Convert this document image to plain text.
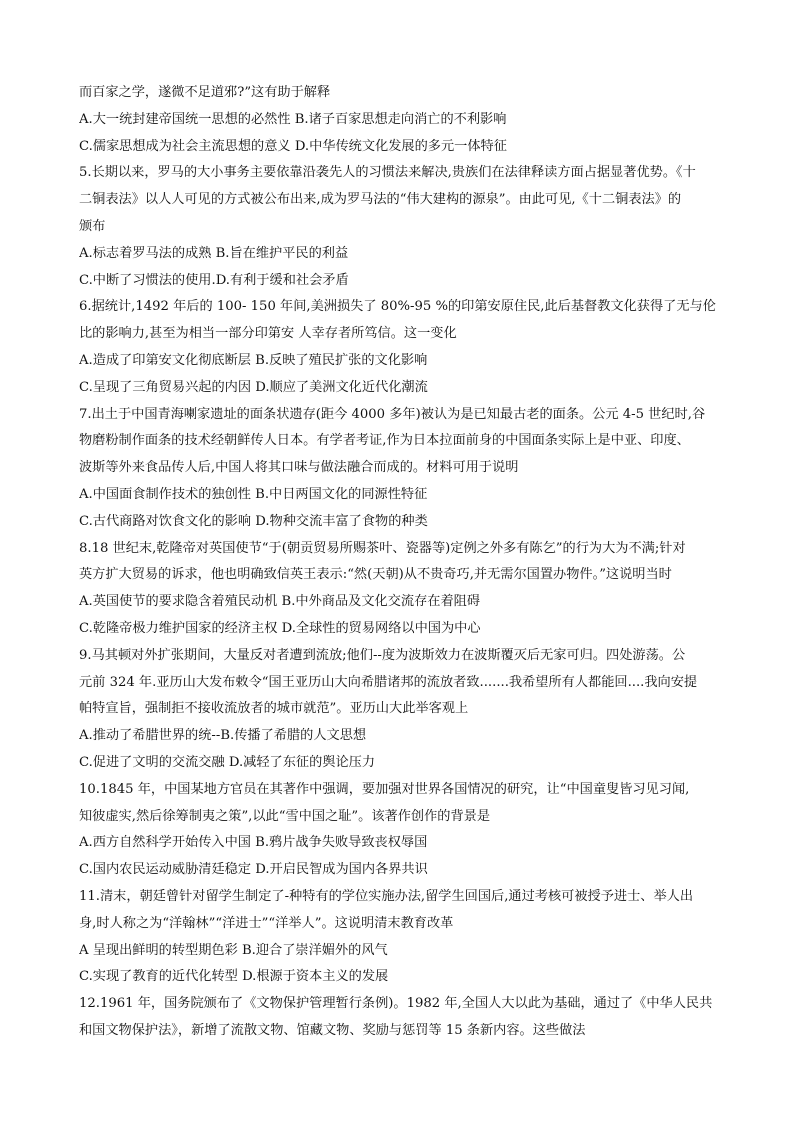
而百家之学，遂微不足道邪?”这有助于解释
A.大一统封建帝国统一思想的必然性 B.诸子百家思想走向消亡的不利影响
C.儒家思想成为社会主流思想的意义 D.中华传统文化发展的多元一体特征
5.长期以来，罗马的大小事务主要依靠沿袭先人的习惯法来解决,贵族们在法律释读方面占据显著优势。《十
二铜表法》以人人可见的方式被公布出来,成为罗马法的“伟大建构的源泉”。由此可见,《十二铜表法》的
颁布
A.标志着罗马法的成熟 B.旨在维护平民的利益
C.中断了习惯法的使用.D.有利于缓和社会矛盾
6.据统计,1492 年后的 100- 150 年间,美洲损失了 80%-95 %的印第安原住民,此后基督教文化获得了无与伦
比的影响力,甚至为相当一部分印第安 人幸存者所笃信。这一变化
A.造成了印第安文化彻底断层 B.反映了殖民扩张的文化影响
C.呈现了三角贸易兴起的内因 D.顺应了美洲文化近代化潮流
7.出土于中国青海喇家遗址的面条状遗存(距今 4000 多年)被认为是已知最古老的面条。公元 4-5 世纪时,谷
物磨粉制作面条的技术经朝鲜传人日本。有学者考证,作为日本拉面前身的中国面条实际上是中亚、印度、
波斯等外来食品传人后,中国人将其口味与做法融合而成的。材料可用于说明
A.中国面食制作技术的独创性 B.中日两国文化的同源性特征
C.古代商路对饮食文化的影响 D.物种交流丰富了食物的种类
8.18 世纪末,乾隆帝对英国使节“于(朝贡贸易所赐茶叶、瓷器等)定例之外多有陈乞”的行为大为不满;针对
英方扩大贸易的诉求，他也明确致信英王表示:“然(天朝)从不贵奇巧,并无需尔国置办物件。”这说明当时
A.英国使节的要求隐含着殖民动机 B.中外商品及文化交流存在着阻碍
C.乾隆帝极力维护国家的经济主权 D.全球性的贸易网络以中国为中心
9.马其顿对外扩张期间，大量反对者遭到流放;他们--度为波斯效力在波斯覆灭后无家可归。四处游荡。公
元前 324 年.亚历山大发布敕令“国王亚历山大向希腊诸邦的流放者致.......我希望所有人都能回....我向安提
帕特宣旨，强制拒不接收流放者的城市就范”。亚历山大此举客观上
A.推动了希腊世界的统--B.传播了希腊的人文思想
C.促进了文明的交流交融 D.减轻了东征的舆论压力
10.1845 年，中国某地方官员在其著作中强调，要加强对世界各国情况的研究，让“中国童叟皆习见习闻,
知彼虚实,然后徐筹制夷之策”,以此“雪中国之耻”。该著作创作的背景是
A.西方自然科学开始传入中国 B.鸦片战争失败导致丧权辱国
C.国内农民运动威胁清廷稳定 D.开启民智成为国内各界共识
11.清末，朝廷曾针对留学生制定了-种特有的学位实施办法,留学生回国后,通过考核可被授予进士、举人出
身,时人称之为“洋翰林”“洋进士”“洋举人”。这说明清末教育改革
A 呈现出鲜明的转型期色彩 B.迎合了崇洋媚外的风气
C.实现了教育的近代化转型 D.根源于资本主义的发展
12.1961 年，国务院颁布了《文物保护管理暂行条例)。1982 年,全国人大以此为基础，通过了《中华人民共
和国文物保护法》，新增了流散文物、馆藏文物、奖励与惩罚等 15 条新内容。这些做法
